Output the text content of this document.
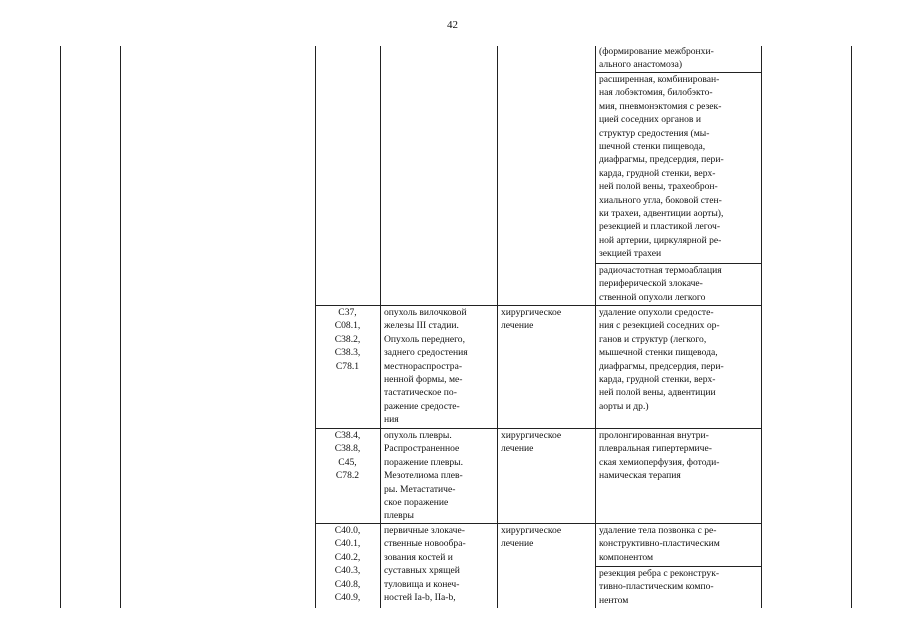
42
(формирование межбронхи-
ального анастомоза)
расширенная, комбинирован-
ная лобэктомия, билобэкто-
мия, пневмонэктомия с резек-
цией соседних органов и
структур средостения (мы-
шечной стенки пищевода,
диафрагмы, предсердия, пери-
карда, грудной стенки, верх-
ней полой вены, трахеоброн-
хиального угла, боковой стен-
ки трахеи, адвентиции аорты),
резекцией и пластикой легоч-
ной артерии, циркулярной ре-
зекцией трахеи
радиочастотная термоаблация
периферической злокаче-
ственной опухоли легкого
C37,
C08.1,
C38.2,
C38.3,
C78.1
опухоль вилочковой
железы III стадии.
Опухоль переднего,
заднего средостения
местнораспростра-
ненной формы, ме-
тастатическое по-
ражение средосте-
ния
хирургическое
лечение
удаление опухоли средосте-
ния с резекцией соседних ор-
ганов и структур (легкого,
мышечной стенки пищевода,
диафрагмы, предсердия, пери-
карда, грудной стенки, верх-
ней полой вены, адвентиции
аорты и др.)
C38.4,
C38.8,
C45,
C78.2
опухоль плевры.
Распространенное
поражение плевры.
Мезотелиома плев-
ры. Метастатиче-
ское поражение
плевры
хирургическое
лечение
пролонгированная внутри-
плевральная гипертермиче-
ская хемиоперфузия, фотоди-
намическая терапия
C40.0,
C40.1,
C40.2,
C40.3,
C40.8,
C40.9,
первичные злокаче-
ственные новообра-
зования костей и
суставных хрящей
туловища и конеч-
ностей Ia-b, IIa-b,
хирургическое
лечение
удаление тела позвонка с ре-
конструктивно-пластическим
компонентом
резекция ребра с реконструк-
тивно-пластическим компо-
нентом
